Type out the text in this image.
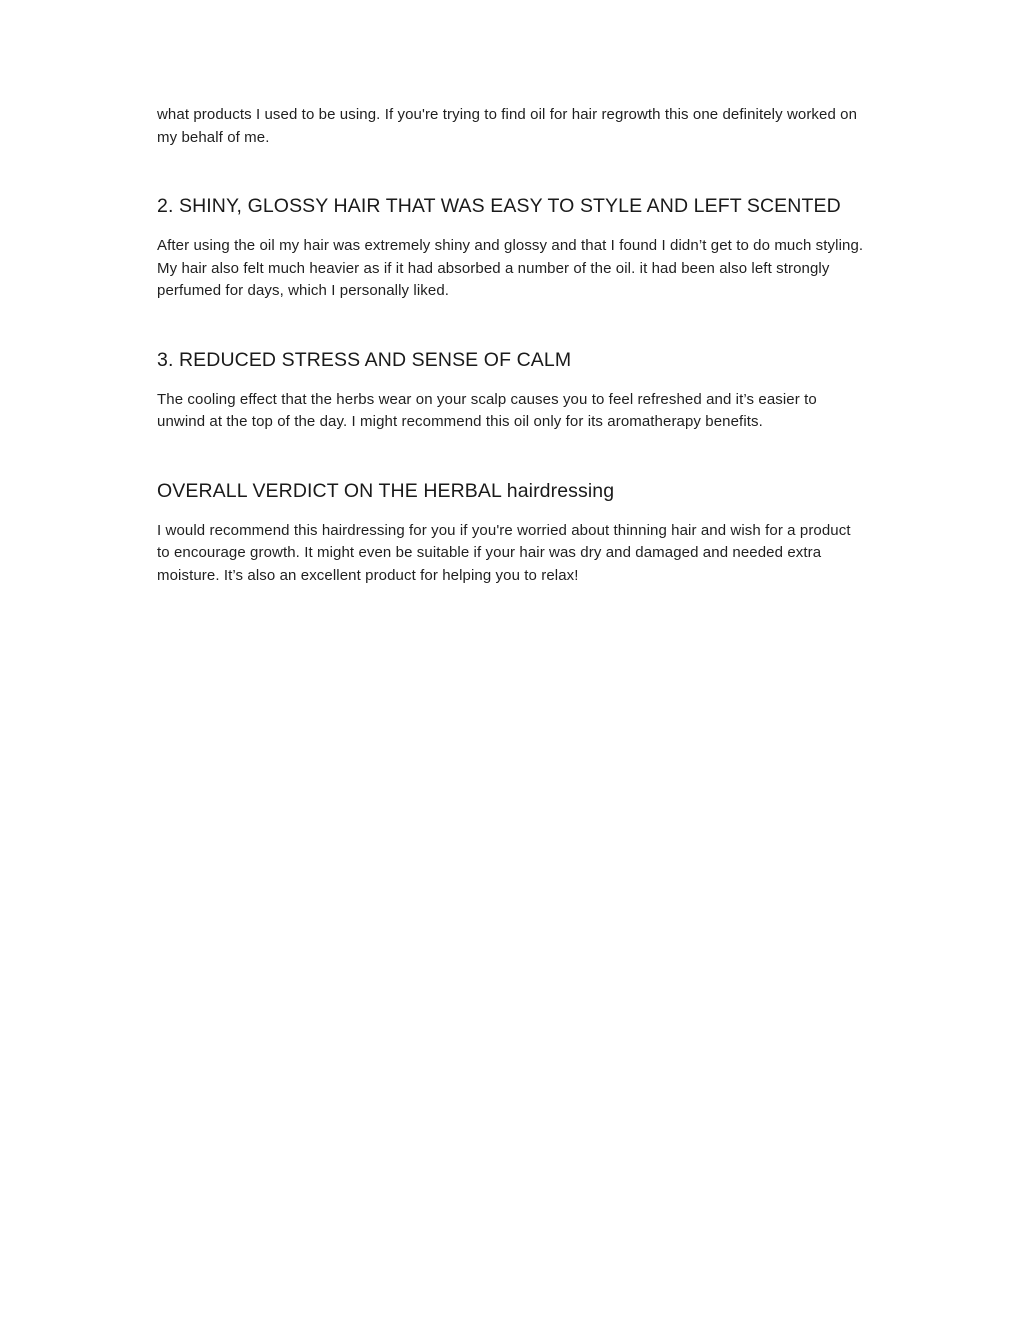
what products I used to be using. If you're trying to find oil for hair regrowth this one definitely worked on my behalf of me.

2. SHINY, GLOSSY HAIR THAT WAS EASY TO STYLE AND LEFT SCENTED

After using the oil my hair was extremely shiny and glossy and that I found I didn’t get to do much styling. My hair also felt much heavier as if it had absorbed a number of the oil. it had been also left strongly perfumed for days, which I personally liked.

3. REDUCED STRESS AND SENSE OF CALM

The cooling effect that the herbs wear on your scalp causes you to feel refreshed and it’s easier to unwind at the top of the day. I might recommend this oil only for its aromatherapy benefits.

OVERALL VERDICT ON THE HERBAL hairdressing

I would recommend this hairdressing for you if you're worried about thinning hair and wish for a product to encourage growth. It might even be suitable if your hair was dry and damaged and needed extra moisture. It’s also an excellent product for helping you to relax!
